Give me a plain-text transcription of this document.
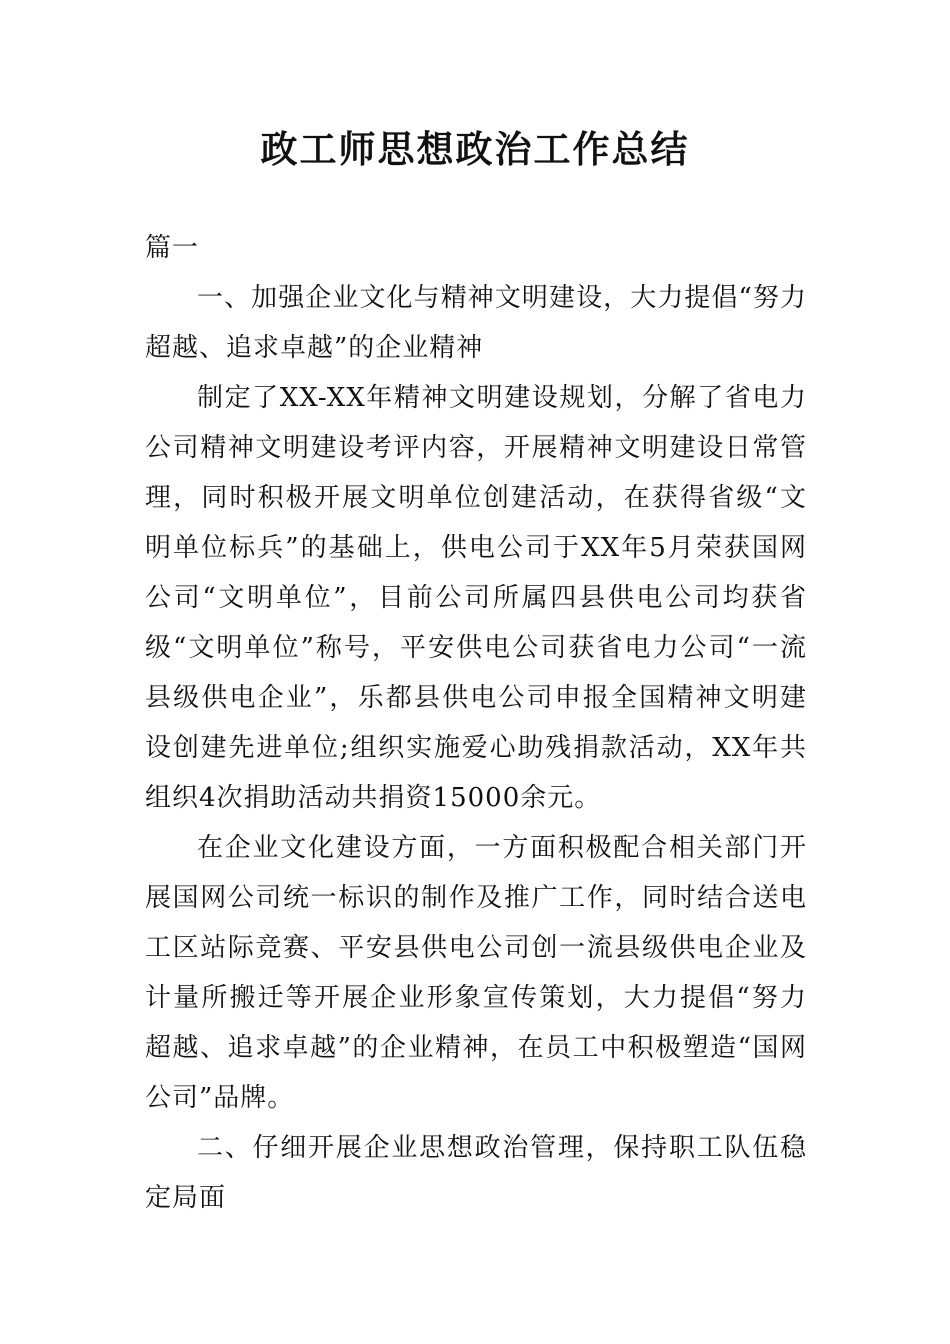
政工师思想政治工作总结

篇一

一、加强企业文化与精神文明建设，大力提倡“努力超越、追求卓越”的企业精神

制定了XX-XX年精神文明建设规划，分解了省电力公司精神文明建设考评内容，开展精神文明建设日常管理，同时积极开展文明单位创建活动，在获得省级“文明单位标兵”的基础上，供电公司于XX年5月荣获国网公司“文明单位”，目前公司所属四县供电公司均获省级“文明单位”称号，平安供电公司获省电力公司“一流县级供电企业”，乐都县供电公司申报全国精神文明建设创建先进单位;组织实施爱心助残捐款活动，XX年共组织4次捐助活动共捐资15000余元。

在企业文化建设方面，一方面积极配合相关部门开展国网公司统一标识的制作及推广工作，同时结合送电工区站际竞赛、平安县供电公司创一流县级供电企业及计量所搬迁等开展企业形象宣传策划，大力提倡“努力超越、追求卓越”的企业精神，在员工中积极塑造“国网公司”品牌。

二、仔细开展企业思想政治管理，保持职工队伍稳定局面
